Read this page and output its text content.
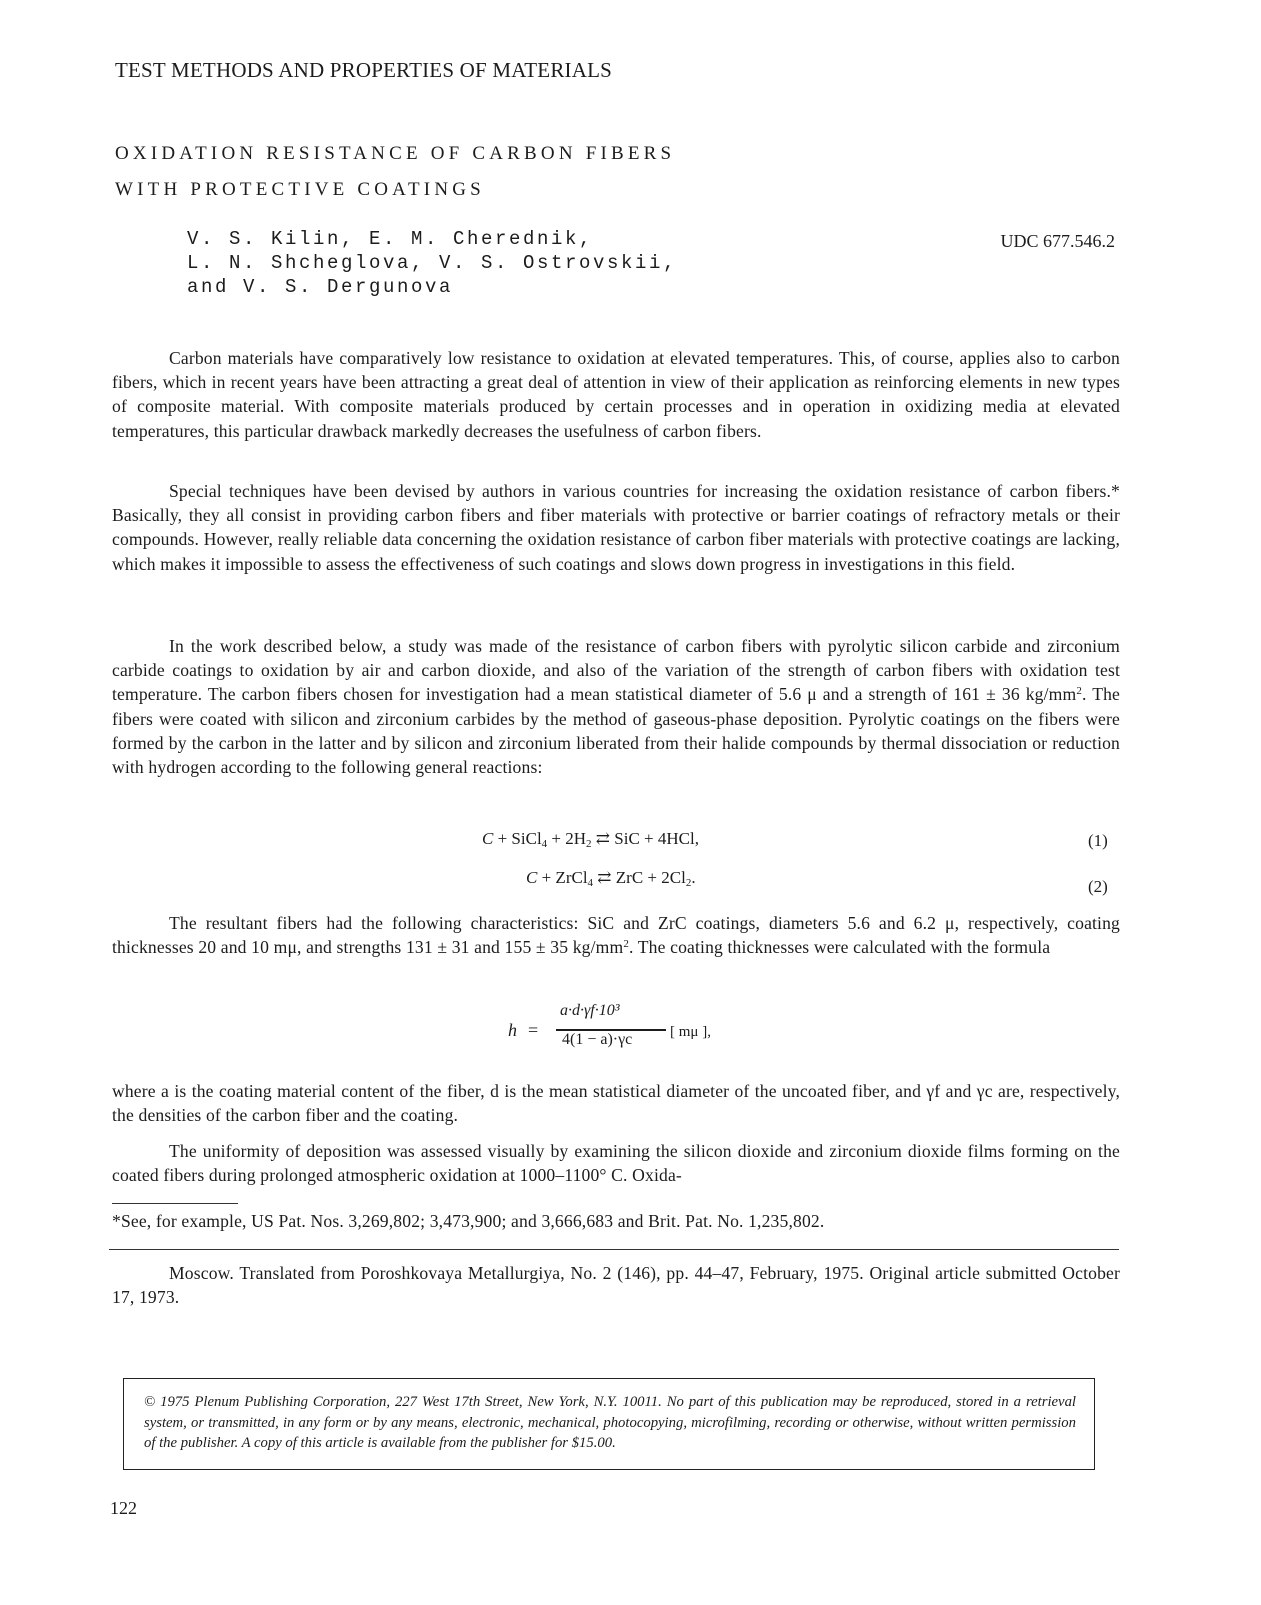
TEST METHODS AND PROPERTIES OF MATERIALS
OXIDATION RESISTANCE OF CARBON FIBERS
WITH PROTECTIVE COATINGS
V. S. Kilin, E. M. Cherednik,
L. N. Shcheglova, V. S. Ostrovskii,
and V. S. Dergunova
UDC 677.546.2

Carbon materials have comparatively low resistance to oxidation at elevated temperatures. This, of course, applies also to carbon fibers, which in recent years have been attracting a great deal of attention in view of their application as reinforcing elements in new types of composite material. With composite materials produced by certain processes and in operation in oxidizing media at elevated temperatures, this particular drawback markedly decreases the usefulness of carbon fibers.

Special techniques have been devised by authors in various countries for increasing the oxidation resistance of carbon fibers.* Basically, they all consist in providing carbon fibers and fiber materials with protective or barrier coatings of refractory metals or their compounds. However, really reliable data concerning the oxidation resistance of carbon fiber materials with protective coatings are lacking, which makes it impossible to assess the effectiveness of such coatings and slows down progress in investigations in this field.

In the work described below, a study was made of the resistance of carbon fibers with pyrolytic silicon carbide and zirconium carbide coatings to oxidation by air and carbon dioxide, and also of the variation of the strength of carbon fibers with oxidation test temperature. The carbon fibers chosen for investigation had a mean statistical diameter of 5.6 μ and a strength of 161 ± 36 $kg/mm^2$. The fibers were coated with silicon and zirconium carbides by the method of gaseous-phase deposition. Pyrolytic coatings on the fibers were formed by the carbon in the latter and by silicon and zirconium liberated from their halide compounds by thermal dissociation or reduction with hydrogen according to the following general reactions:

C + SiCl$_4$ + $2H_2$ ⇄ SiC + 4HCl,	(1)
C + ZrCl$_4$ ⇄ ZrC + $2Cl_2$.	(2)

The resultant fibers had the following characteristics: SiC and ZrC coatings, diameters 5.6 and 6.2 μ, respectively, coating thicknesses 20 and 10 mμ, and strengths 131 ± 31 and 155 ± 35 $kg/mm^2$. The coating thicknesses were calculated with the formula

h =
a·d·γf·10³
4(1 − a)·γc	[ mμ ],

where a is the coating material content of the fiber, d is the mean statistical diameter of the uncoated fiber, and γf and γc are, respectively, the densities of the carbon fiber and the coating.

The uniformity of deposition was assessed visually by examining the silicon dioxide and zirconium dioxide films forming on the coated fibers during prolonged atmospheric oxidation at 1000–1100° C. Oxida-

*See, for example, US Pat. Nos. 3,269,802; 3,473,900; and 3,666,683 and Brit. Pat. No. 1,235,802.

Moscow. Translated from Poroshkovaya Metallurgiya, No. 2 (146), pp. 44–47, February, 1975. Original article submitted October 17, 1973.

© 1975 Plenum Publishing Corporation, 227 West 17th Street, New York, N.Y. 10011. No part of this publication may be reproduced, stored in a retrieval system, or transmitted, in any form or by any means, electronic, mechanical, photocopying, microfilming, recording or otherwise, without written permission of the publisher. A copy of this article is available from the publisher for $15.00.
122
